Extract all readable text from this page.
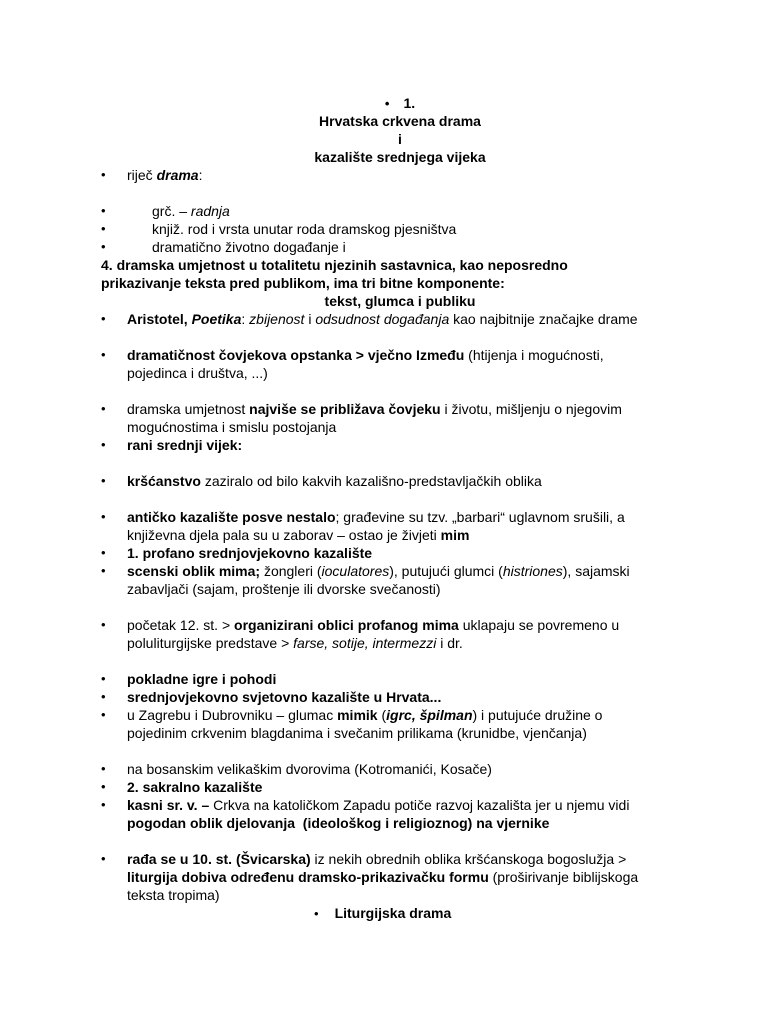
• 1.
Hrvatska crkvena drama
i
kazalište srednjega vijeka
•	riječ drama:
•	grč. – radnja
•	knjiž. rod i vrsta unutar roda dramskog pjesništva
•	dramatično životno događanje i
4. dramska umjetnost u totalitetu njezinih sastavnica, kao neposredno
prikazivanje teksta pred publikom, ima tri bitne komponente:
tekst, glumca i publiku
•	Aristotel, Poetika: zbijenost i odsudnost događanja kao najbitnije značajke drame
•	dramatičnost čovjekova opstanka > vječno Između (htijenja i mogućnosti,
pojedinca i društva, ...)
•	dramska umjetnost najviše se približava čovjeku i životu, mišljenju o njegovim
mogućnostima i smislu postojanja
•	rani srednji vijek:
•	kršćanstvo zaziralo od bilo kakvih kazališno-predstavljačkih oblika
•	antičko kazalište posve nestalo; građevine su tzv. „barbari“ uglavnom srušili, a
književna djela pala su u zaborav – ostao je živjeti mim
•	1. profano srednjovjekovno kazalište
•	scenski oblik mima; žongleri (ioculatores), putujući glumci (histriones), sajamski
zabavljači (sajam, proštenje ili dvorske svečanosti)
•	početak 12. st. > organizirani oblici profanog mima uklapaju se povremeno u
poluliturgijske predstave > farse, sotije, intermezzi i dr.
•	pokladne igre i pohodi
•	srednjovjekovno svjetovno kazalište u Hrvata...
•	u Zagrebu i Dubrovniku – glumac mimik (igrc, špilman) i putujuće družine o
pojedinim crkvenim blagdanima i svečanim prilikama (krunidbe, vjenčanja)
•	na bosanskim velikaškim dvorovima (Kotromanići, Kosače)
•	2. sakralno kazalište
•	kasni sr. v. – Crkva na katoličkom Zapadu potiče razvoj kazališta jer u njemu vidi
pogodan oblik djelovanja  (ideološkog i religioznog) na vjernike
•	rađa se u 10. st. (Švicarska) iz nekih obrednih oblika kršćanskoga bogoslužja >
liturgija dobiva određenu dramsko-prikazivačku formu (proširivanje biblijskoga
teksta tropima)
• Liturgijska drama
